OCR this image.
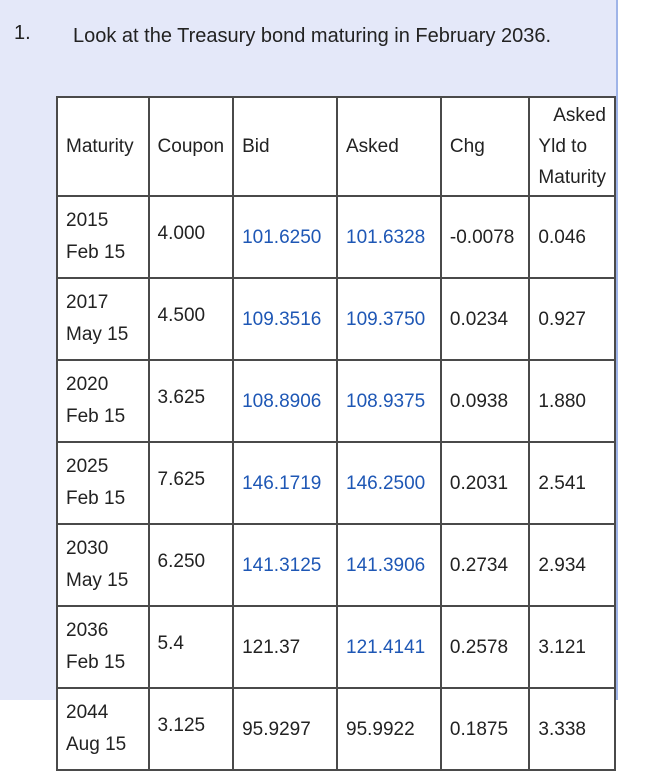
1.	Look at the Treasury bond maturing in February 2036.
Maturity	Coupon	Bid	Asked	Chg	Asked
Yld to
Maturity

2015
Feb 15	4.000	101.6250	101.6328	-0.0078	0.046

2017
May 15	4.500	109.3516	109.3750	0.0234	0.927

2020
Feb 15	3.625	108.8906	108.9375	0.0938	1.880

2025
Feb 15	7.625	146.1719	146.2500	0.2031	2.541

2030
May 15	6.250	141.3125	141.3906	0.2734	2.934

2036
Feb 15	5.4	121.37	121.4141	0.2578	3.121

2044
Aug 15	3.125	95.9297	95.9922	0.1875	3.338
